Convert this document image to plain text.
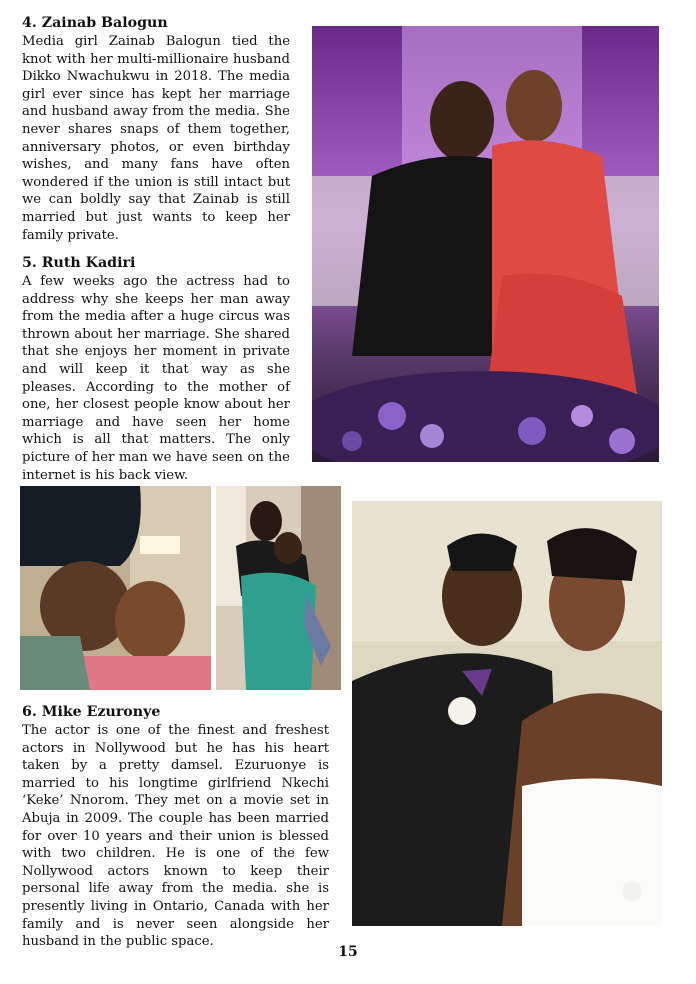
4. Zainab Balogun

Media girl Zainab Balogun tied the knot with her multi-millionaire husband Dikko Nwachukwu in 2018. The media girl ever since has kept her marriage and husband away from the media. She never shares snaps of them together, anniversary photos, or even birthday wishes, and many fans have often wondered if the union is still intact but we can boldly say that Zainab is still married but just wants to keep her family private.

5. Ruth Kadiri

A few weeks ago the actress had to address why she keeps her man away from the media after a huge circus was thrown about her marriage. She shared that she enjoys her moment in private and will keep it that way as she pleases. According to the mother of one, her closest people know about her marriage and have seen her home which is all that matters. The only picture of her man we have seen on the internet is his back view.

6. Mike Ezuronye

The actor is one of the finest and freshest actors in Nollywood but he has his heart taken by a pretty damsel. Ezuruonye is married to his longtime girlfriend Nkechi ‘Keke’ Nnorom. They met on a movie set in Abuja in 2009. The couple has been married for over 10 years and their union is blessed with two children. He is one of the few Nollywood actors known to keep their personal life away from the media. she is presently living in Ontario, Canada with her family and is never seen alongside her husband in the public space.

15
